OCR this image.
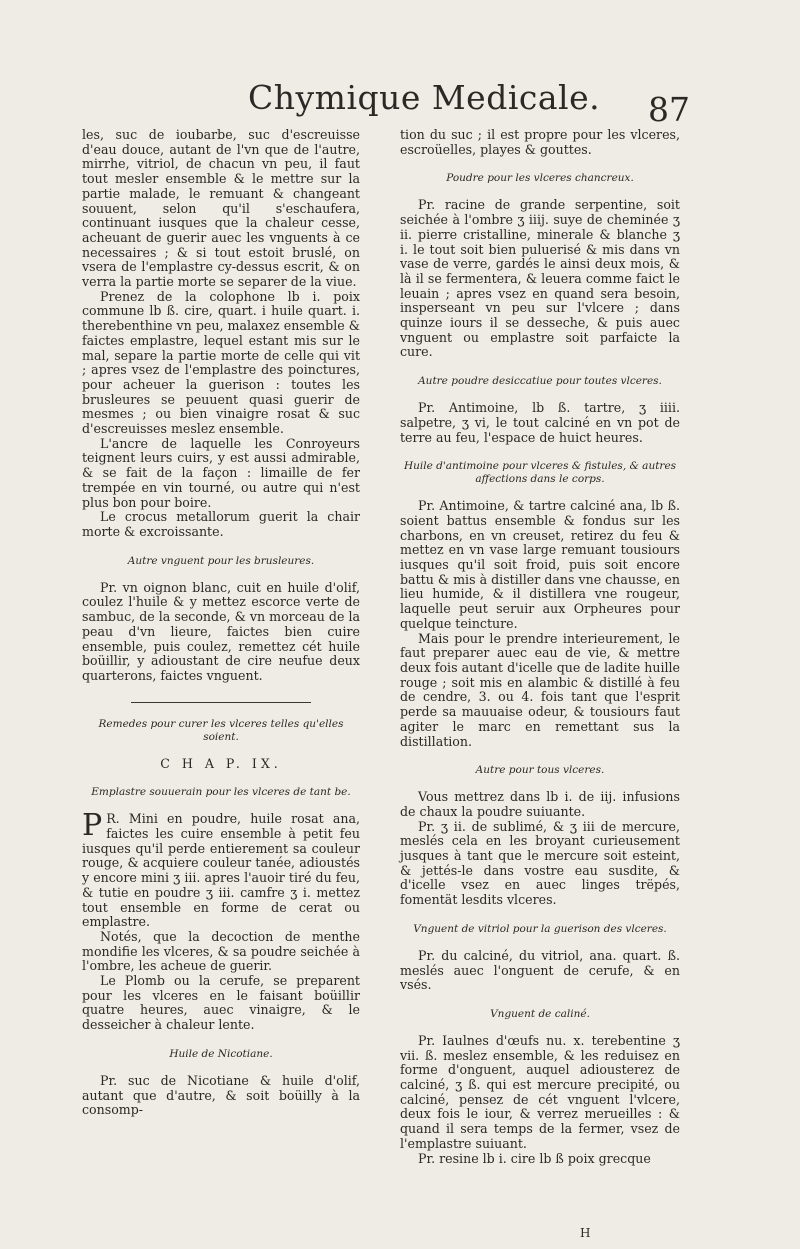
Chymique Medicale. 87

les, suc de ioubarbe, suc d'escreuisse d'eau douce, autant de l'vn que de l'autre, mirrhe, vitriol, de chacun vn peu, il faut tout mesler ensemble & le mettre sur la partie malade, le remuant & changeant souuent, selon qu'il s'eschaufera, continuant iusques que la chaleur cesse, acheuant de guerir auec les vnguents à ce necessaires ; & si tout estoit bruslé, on vsera de l'emplastre cy-dessus escrit, & on verra la partie morte se separer de la viue.

Prenez de la colophone lb i. poix commune lb ß. cire, quart. i huile quart. i. therebenthine vn peu, malaxez ensemble & faictes emplastre, lequel estant mis sur le mal, separe la partie morte de celle qui vit ; apres vsez de l'emplastre des poinctures, pour acheuer la guerison : toutes les brusleures se peuuent quasi guerir de mesmes ; ou bien vinaigre rosat & suc d'escreuisses meslez ensemble.

L'ancre de laquelle les Conroyeurs teignent leurs cuirs, y est aussi admirable, & se fait de la façon : limaille de fer trempée en vin tourné, ou autre qui n'est plus bon pour boire.

Le crocus metallorum guerit la chair morte & excroissante.

Autre vnguent pour les brusleures.

Pr. vn oignon blanc, cuit en huile d'olif, coulez l'huile & y mettez escorce verte de sambuc, de la seconde, & vn morceau de la peau d'vn lieure, faictes bien cuire ensemble, puis coulez, remettez cét huile boüillir, y adioustant de cire neufue deux quarterons, faictes vnguent.

Remedes pour curer les vlceres telles qu'elles soient.
C H A P. IX.
Emplastre souuerain pour les vlceres de tant be.

P R. Mini en poudre, huile rosat ana, faictes les cuire ensemble à petit feu iusques qu'il perde entierement sa couleur rouge, & acquiere couleur tanée, adioustés y encore mini ʒ iii. apres l'auoir tiré du feu, & tutie en poudre ʒ iii. camfre ʒ i. mettez tout ensemble en forme de cerat ou emplastre.

Notés, que la decoction de menthe mondifie les vlceres, & sa poudre seichée à l'ombre, les acheue de guerir.

Le Plomb ou la cerufe, se preparent pour les vlceres en le faisant boüillir quatre heures, auec vinaigre, & le desseicher à chaleur lente.

Huile de Nicotiane.

Pr. suc de Nicotiane & huile d'olif, autant que d'autre, & soit boüilly à la consomp-

tion du suc ; il est propre pour les vlceres, escroüelles, playes & gouttes.

Poudre pour les vlceres chancreux.

Pr. racine de grande serpentine, soit seichée à l'ombre ʒ iiij. suye de cheminée ʒ ii. pierre cristalline, minerale & blanche ʒ i. le tout soit bien puluerisé & mis dans vn vase de verre, gardés le ainsi deux mois, & là il se fermentera, & leuera comme faict le leuain ; apres vsez en quand sera besoin, insperseant vn peu sur l'vlcere ; dans quinze iours il se desseche, & puis auec vnguent ou emplastre soit parfaicte la cure.

Autre poudre desiccatiue pour toutes vlceres.

Pr. Antimoine, lb ß. tartre, ʒ iiii. salpetre, ʒ vi, le tout calciné en vn pot de terre au feu, l'espace de huict heures.

Huile d'antimoine pour vlceres & fistules, & autres affections dans le corps.

Pr. Antimoine, & tartre calciné ana, lb ß. soient battus ensemble & fondus sur les charbons, en vn creuset, retirez du feu & mettez en vn vase large remuant tousiours iusques qu'il soit froid, puis soit encore battu & mis à distiller dans vne chausse, en lieu humide, & il distillera vne rougeur, laquelle peut seruir aux Orpheures pour quelque teincture.

Mais pour le prendre interieurement, le faut preparer auec eau de vie, & mettre deux fois autant d'icelle que de ladite huille rouge ; soit mis en alambic & distillé à feu de cendre, 3. ou 4. fois tant que l'esprit perde sa mauuaise odeur, & tousiours faut agiter le marc en remettant sus la distillation.

Autre pour tous vlceres.

Vous mettrez dans lb i. de iij. infusions de chaux la poudre suiuante.

Pr. ʒ ii. de sublimé, & ʒ iii de mercure, meslés cela en les broyant curieusement jusques à tant que le mercure soit esteint, & jettés-le dans vostre eau susdite, & d'icelle vsez en auec linges trëpés, fomentät lesdits vlceres.

Vnguent de vitriol pour la guerison des vlceres.

Pr. du calciné, du vitriol, ana. quart. ß. meslés auec l'onguent de cerufe, & en vsés.

Vnguent de caliné.

Pr. Iaulnes d'œufs nu. x. terebentine ʒ vii. ß. meslez ensemble, & les reduisez en forme d'onguent, auquel adiousterez de calciné, ʒ ß. qui est mercure precipité, ou calciné, pensez de cét vnguent l'vlcere, deux fois le iour, & verrez merueilles : & quand il sera temps de la fermer, vsez de l'emplastre suiuant.

Pr. resine lb i. cire lb ß poix grecque

H
